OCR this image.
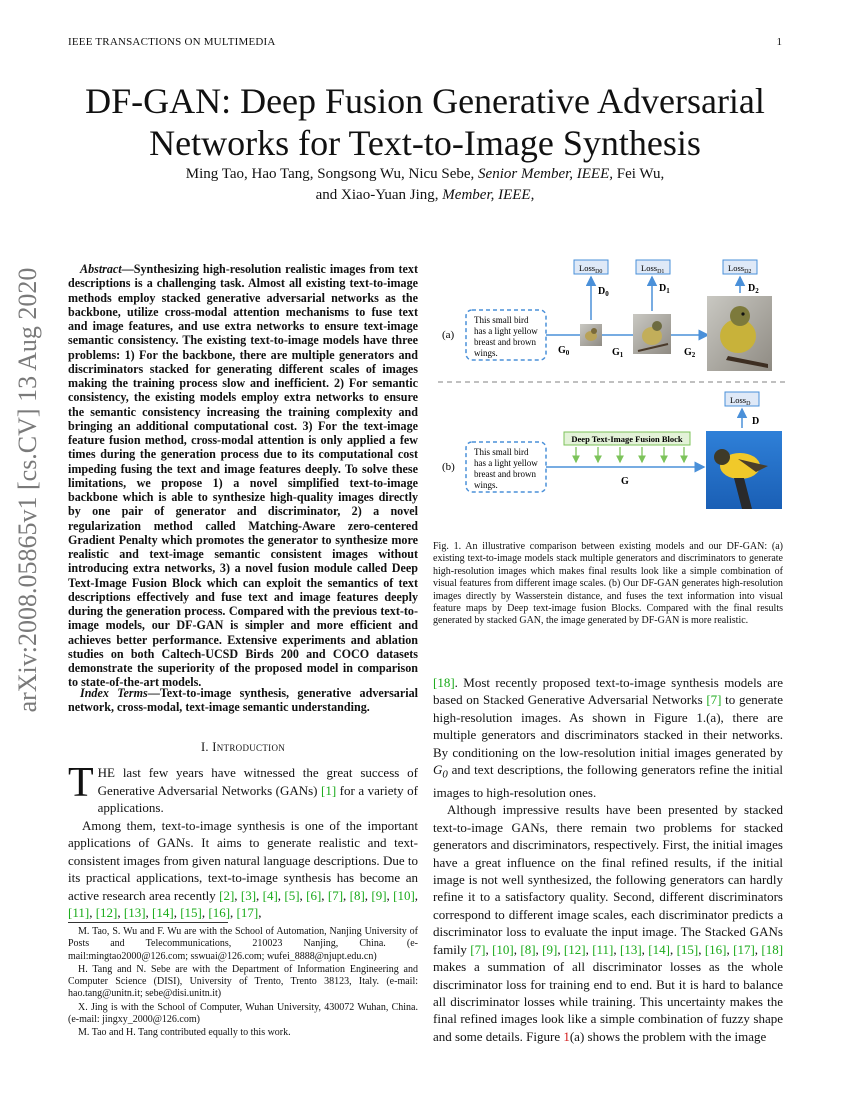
IEEE TRANSACTIONS ON MULTIMEDIA	1
DF-GAN: Deep Fusion Generative Adversarial
Networks for Text-to-Image Synthesis
Ming Tao, Hao Tang, Songsong Wu, Nicu Sebe, Senior Member, IEEE, Fei Wu,
and Xiao-Yuan Jing, Member, IEEE,
arXiv:2008.05865v1 [cs.CV] 13 Aug 2020	Abstract—Synthesizing high-resolution realistic images from text descriptions is a challenging task. Almost all existing text-to-image methods employ stacked generative adversarial networks as the backbone, utilize cross-modal attention mechanisms to fuse text and image features, and use extra networks to ensure text-image semantic consistency. The existing text-to-image models have three problems: 1) For the backbone, there are multiple generators and discriminators stacked for generating different scales of images making the training process slow and inefficient. 2) For semantic consistency, the existing models employ extra networks to ensure the semantic consistency increasing the training complexity and bringing an additional computational cost. 3) For the text-image feature fusion method, cross-modal attention is only applied a few times during the generation process due to its computational cost impeding fusing the text and image features deeply. To solve these limitations, we propose 1) a novel simplified text-to-image backbone which is able to synthesize high-quality images directly by one pair of generator and discriminator, 2) a novel regularization method called Matching-Aware zero-centered Gradient Penalty which promotes the generator to synthesize more realistic and text-image semantic consistent images without introducing extra networks, 3) a novel fusion module called Deep Text-Image Fusion Block which can exploit the semantics of text descriptions effectively and fuse text and image features deeply during the generation process. Compared with the previous text-to-image models, our DF-GAN is simpler and more efficient and achieves better performance. Extensive experiments and ablation studies on both Caltech-UCSD Birds 200 and COCO datasets demonstrate the superiority of the proposed model in comparison to state-of-the-art models.
Index Terms—Text-to-image synthesis, generative adversarial network, cross-modal, text-image semantic understanding.
I. Introduction

THE last few years have witnessed the great success of Generative Adversarial Networks (GANs) [1] for a variety of applications.

Among them, text-to-image synthesis is one of the important applications of GANs. It aims to generate realistic and text-consistent images from given natural language descriptions. Due to its practical applications, text-to-image synthesis has become an active research area recently [2], [3], [4], [5], [6], [7], [8], [9], [10], [11], [12], [13], [14], [15], [16], [17],

M. Tao, S. Wu and F. Wu are with the School of Automation, Nanjing University of Posts and Telecommunications, 210023 Nanjing, China. (e-mail:mingtao2000@126.com; sswuai@126.com; wufei_8888@njupt.edu.cn)

H. Tang and N. Sebe are with the Department of Information Engineering and Computer Science (DISI), University of Trento, Trento 38123, Italy. (e-mail: hao.tang@unitn.it; sebe@disi.unitn.it)

X. Jing is with the School of Computer, Wuhan University, 430072 Wuhan, China. (e-mail: jingxy_2000@126.com)

M. Tao and H. Tang contributed equally to this work.

(a)
This small bird has a light yellow breast and brown wings.	$G_0$	$G_1$	$G_2$
Loss$_{D0}$	Loss$_{D1}$	Loss$_{D2}$
$D_0$	$D_1$	$D_2$
(b)
This small bird has a light yellow breast and brown wings.
Deep Text-Image Fusion Block
G
Loss$_D$
D
Fig. 1. An illustrative comparison between existing models and our DF-GAN: (a) existing text-to-image models stack multiple generators and discriminators to generate high-resolution images which makes final results look like a simple combination of visual features from different image scales. (b) Our DF-GAN generates high-resolution images directly by Wasserstein distance, and fuses the text information into visual feature maps by Deep text-image fusion Blocks. Compared with the final results generated by stacked GAN, the image generated by DF-GAN is more realistic.

[18]. Most recently proposed text-to-image synthesis models are based on Stacked Generative Adversarial Networks [7] to generate high-resolution images. As shown in Figure 1.(a), there are multiple generators and discriminators stacked in their networks. By conditioning on the low-resolution initial images generated by $G_0$ and text descriptions, the following generators refine the initial images to high-resolution ones.

Although impressive results have been presented by stacked text-to-image GANs, there remain two problems for stacked generators and discriminators, respectively. First, the initial images have a great influence on the final refined results, if the initial image is not well synthesized, the following generators can hardly refine it to a satisfactory quality. Second, different discriminators correspond to different image scales, each discriminator predicts a discriminator loss to evaluate the input image. The Stacked GANs family [7], [10], [8], [9], [12], [11], [13], [14], [15], [16], [17], [18] makes a summation of all discriminator losses as the whole discriminator loss for training end to end. But it is hard to balance all discriminator losses while training. This uncertainty makes the final refined images look like a simple combination of fuzzy shape and some details. Figure 1(a) shows the problem with the image
